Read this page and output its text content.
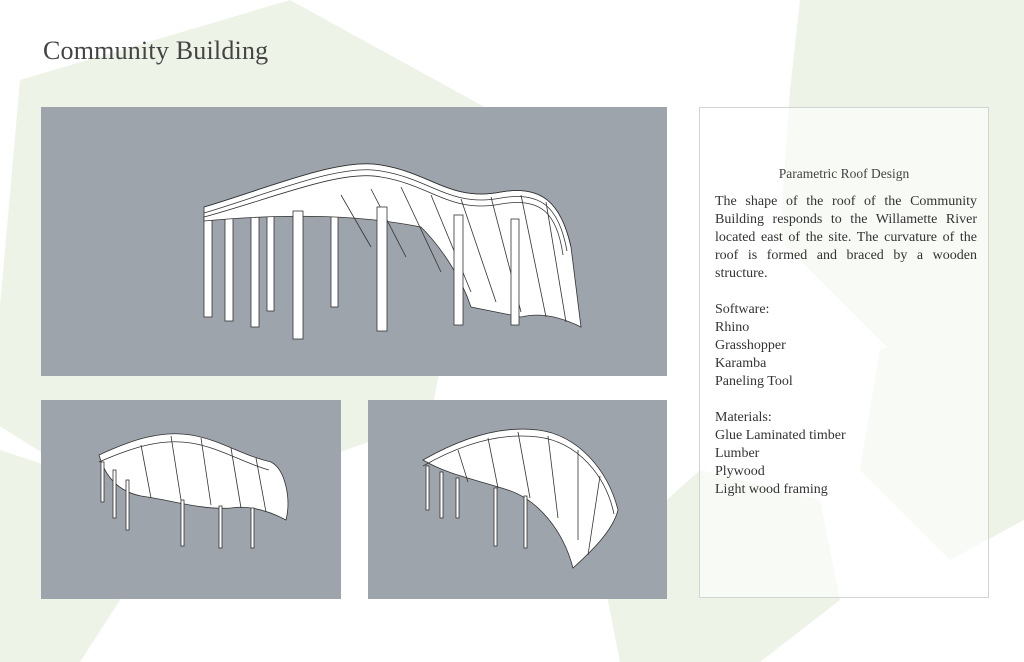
Community Building
Parametric Roof Design

The shape of the roof of the Community Building responds to the Willamette River located east of the site. The curvature of the roof is formed and braced by a wooden structure.

Software:
Rhino
Grasshopper
Karamba
Paneling Tool
Materials:
Glue Laminated timber
Lumber
Plywood
Light wood framing
